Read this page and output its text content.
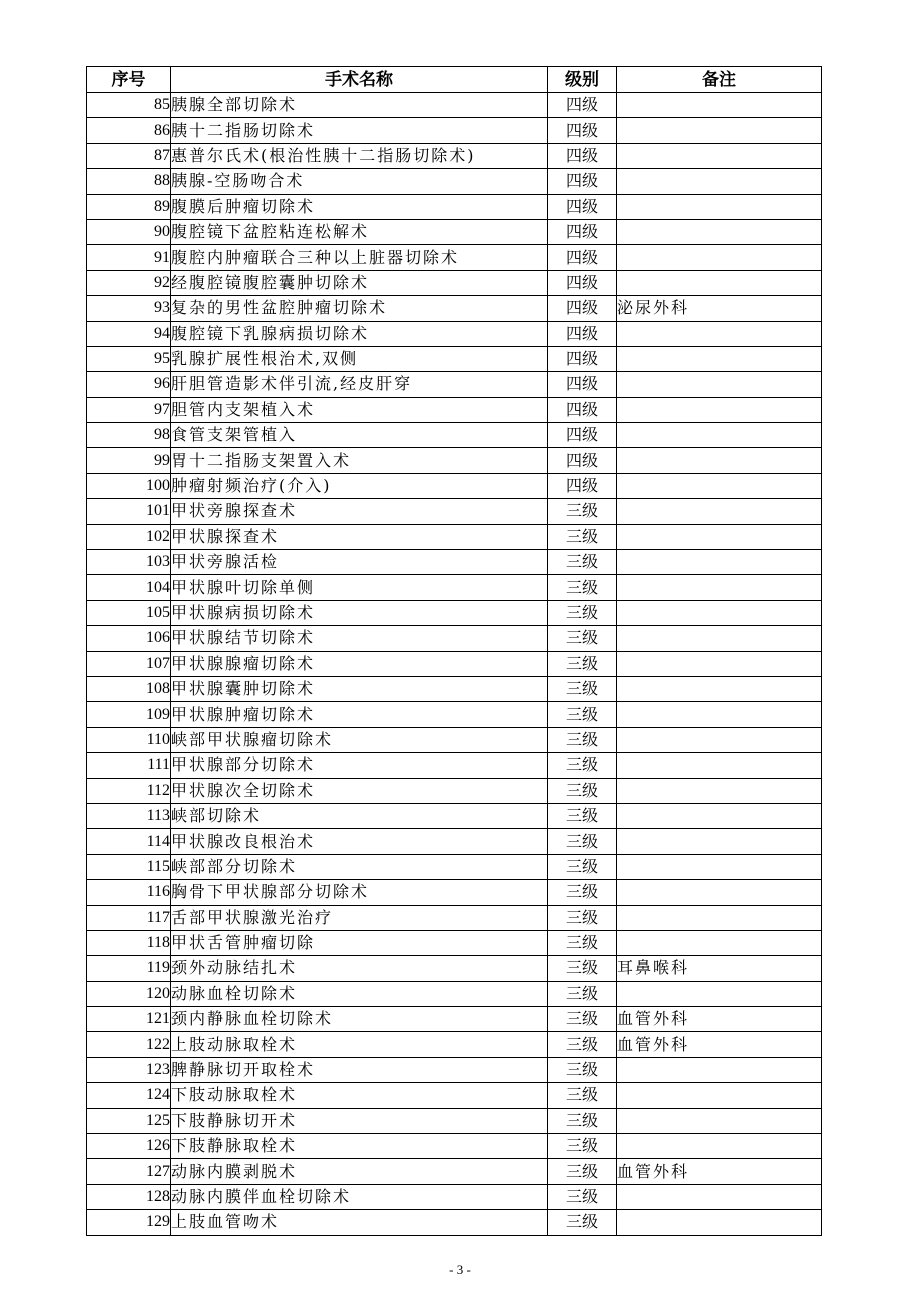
序号	手术名称	级别	备注
85	胰腺全部切除术	四级	
86	胰十二指肠切除术	四级	
87	惠普尔氏术(根治性胰十二指肠切除术)	四级	
88	胰腺-空肠吻合术	四级	
89	腹膜后肿瘤切除术	四级	
90	腹腔镜下盆腔粘连松解术	四级	
91	腹腔内肿瘤联合三种以上脏器切除术	四级	
92	经腹腔镜腹腔囊肿切除术	四级	
93	复杂的男性盆腔肿瘤切除术	四级	泌尿外科
94	腹腔镜下乳腺病损切除术	四级	
95	乳腺扩展性根治术,双侧	四级	
96	肝胆管造影术伴引流,经皮肝穿	四级	
97	胆管内支架植入术	四级	
98	食管支架管植入	四级	
99	胃十二指肠支架置入术	四级	
100	肿瘤射频治疗(介入)	四级	
101	甲状旁腺探查术	三级	
102	甲状腺探查术	三级	
103	甲状旁腺活检	三级	
104	甲状腺叶切除单侧	三级	
105	甲状腺病损切除术	三级	
106	甲状腺结节切除术	三级	
107	甲状腺腺瘤切除术	三级	
108	甲状腺囊肿切除术	三级	
109	甲状腺肿瘤切除术	三级	
110	峡部甲状腺瘤切除术	三级	
111	甲状腺部分切除术	三级	
112	甲状腺次全切除术	三级	
113	峡部切除术	三级	
114	甲状腺改良根治术	三级	
115	峡部部分切除术	三级	
116	胸骨下甲状腺部分切除术	三级	
117	舌部甲状腺激光治疗	三级	
118	甲状舌管肿瘤切除	三级	
119	颈外动脉结扎术	三级	耳鼻喉科
120	动脉血栓切除术	三级	
121	颈内静脉血栓切除术	三级	血管外科
122	上肢动脉取栓术	三级	血管外科
123	脾静脉切开取栓术	三级	
124	下肢动脉取栓术	三级	
125	下肢静脉切开术	三级	
126	下肢静脉取栓术	三级	
127	动脉内膜剥脱术	三级	血管外科
128	动脉内膜伴血栓切除术	三级	
129	上肢血管吻术	三级	
- 3 -
